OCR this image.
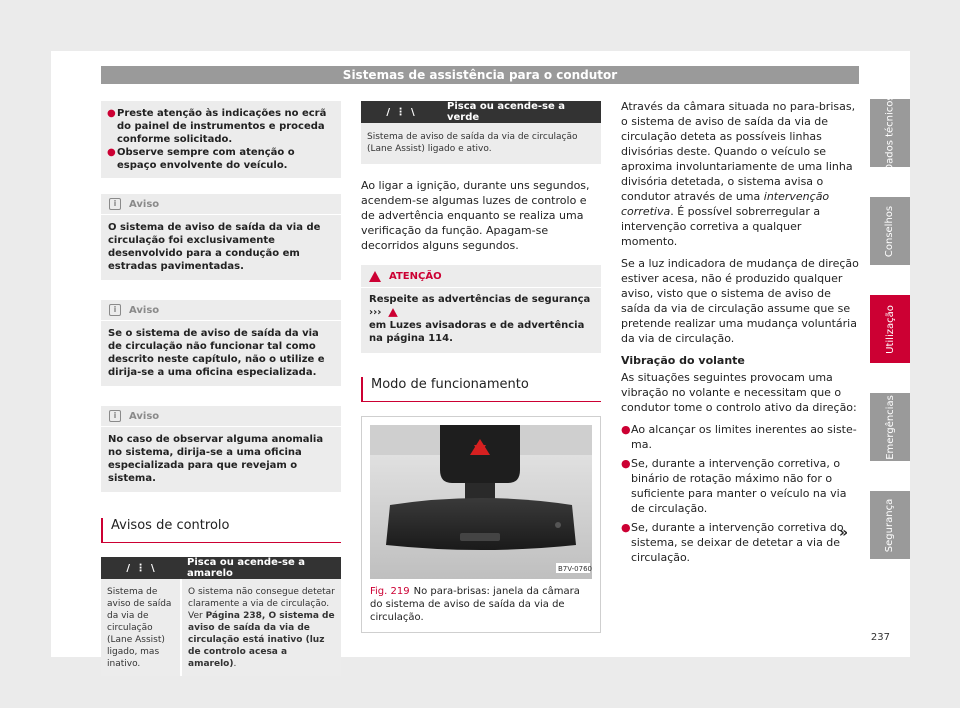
Sistemas de assistência para o condutor
● Preste atenção às indicações no ecrã do painel de instrumentos e proceda conforme solicitado.
● Observe sempre com atenção o espaço envolvente do veículo.
i	Aviso
O sistema de aviso de saída da via de circulação foi exclusivamente desenvolvido para a condução em estradas pavimentadas.
i	Aviso
Se o sistema de aviso de saída da via de circulação não funcionar tal como descrito neste capítulo, não o utilize e dirija-se a uma oficina especializada.
i	Aviso
No caso de observar alguma anomalia no sistema, dirija-se a uma oficina especializada para que revejam o sistema.
Avisos de controlo
/ ⋮ \	Pisca ou acende-se a amarelo
Sistema de aviso de saída da via de circulação (Lane Assist) ligado, mas inativo.	O sistema não consegue detetar claramente a via de circulação. Ver Página 238, O sistema de aviso de saída da via de circulação está inativo (luz de controlo acesa a amarelo).
/ ⋮ \	Pisca ou acende-se a verde
Sistema de aviso de saída da via de circulação (Lane Assist) ligado e ativo.
Ao ligar a ignição, durante uns segundos, acendem-se algumas luzes de controlo e de advertência enquanto se realiza uma verificação da função. Apagam-se decorridos alguns segundos.
ATENÇÃO
Respeite as advertências de segurança ›››
em Luzes avisadoras e de advertência na página 114.
Modo de funcionamento
B7V-0760
Fig. 219 No para-brisas: janela da câmara do sistema de aviso de saída da via de circulação.

Através da câmara situada no para-brisas, o sistema de aviso de saída da via de circulação deteta as possíveis linhas divisórias deste. Quando o veículo se aproxima involuntariamente de uma linha divisória detetada, o sistema avisa o condutor através de uma intervenção corretiva. É possível sobrerregular a intervenção corretiva a qualquer momento.

Se a luz indicadora de mudança de direção estiver acesa, não é produzido qualquer aviso, visto que o sistema de aviso de saída da via de circulação assume que se pretende realizar uma mudança voluntária da via de circulação.

Vibração do volante

As situações seguintes provocam uma vibração no volante e necessitam que o condutor tome o controlo ativo da direção:

● Ao alcançar os limites inerentes ao sistema.
● Se, durante a intervenção corretiva, o binário de rotação máximo não for o suficiente para manter o veículo na via de circulação.
● Se, durante a intervenção corretiva do sistema, se deixar de detetar a via de circulação.
»
Dados técnicos
Conselhos
Utilização
Emergências
Segurança
237
